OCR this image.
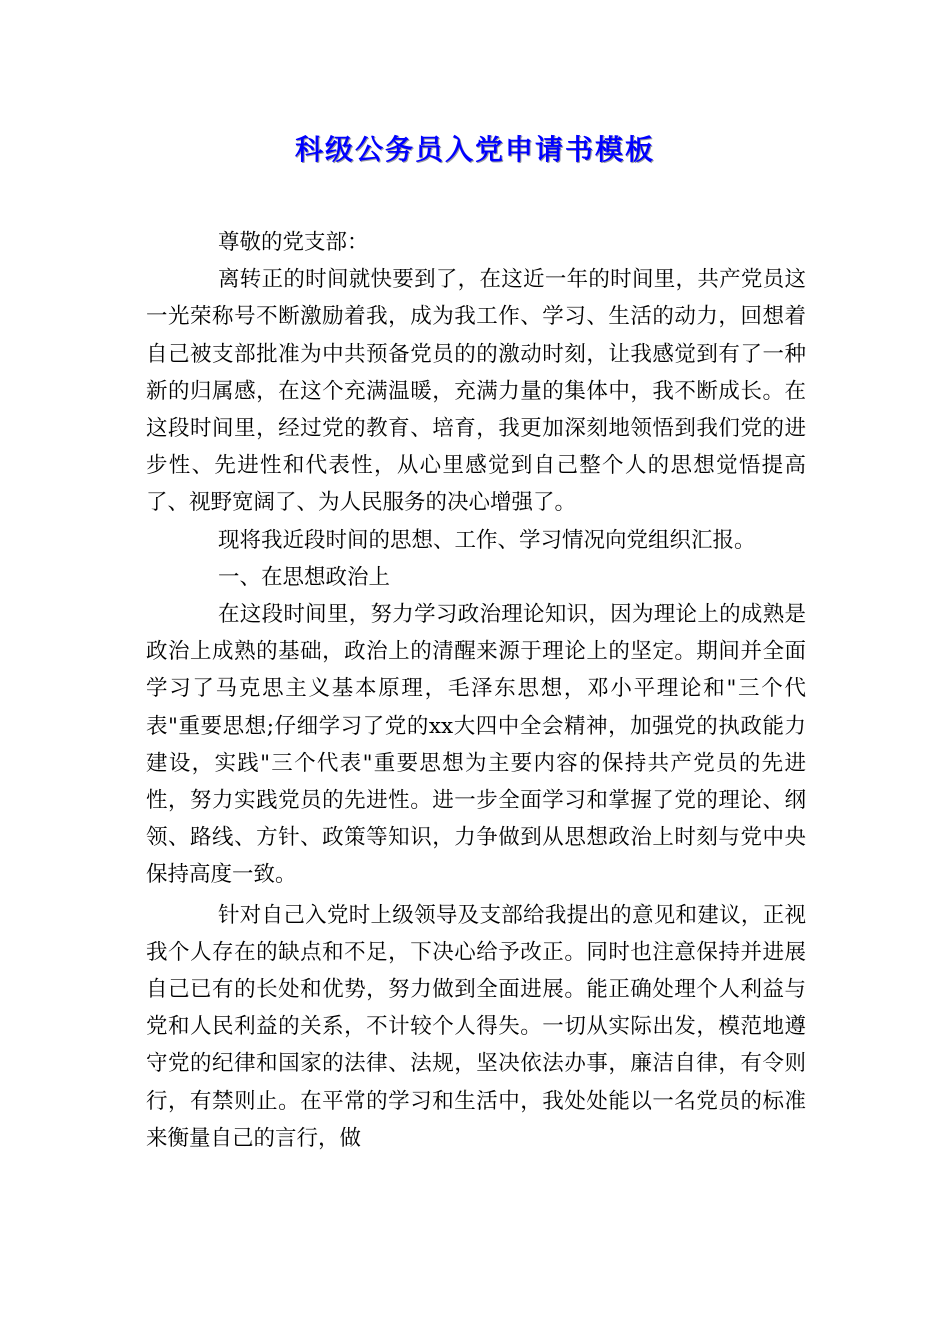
科级公务员入党申请书模板

尊敬的党支部：

离转正的时间就快要到了，在这近一年的时间里，共产党员这一光荣称号不断激励着我，成为我工作、学习、生活的动力，回想着自己被支部批准为中共预备党员的的激动时刻，让我感觉到有了一种新的归属感，在这个充满温暖，充满力量的集体中，我不断成长。在这段时间里，经过党的教育、培育，我更加深刻地领悟到我们党的进步性、先进性和代表性，从心里感觉到自己整个人的思想觉悟提高了、视野宽阔了、为人民服务的决心增强了。

现将我近段时间的思想、工作、学习情况向党组织汇报。

一、在思想政治上

在这段时间里，努力学习政治理论知识，因为理论上的成熟是政治上成熟的基础，政治上的清醒来源于理论上的坚定。期间并全面学习了马克思主义基本原理，毛泽东思想，邓小平理论和"三个代表"重要思想;仔细学习了党的xx大四中全会精神，加强党的执政能力建设，实践"三个代表"重要思想为主要内容的保持共产党员的先进性，努力实践党员的先进性。进一步全面学习和掌握了党的理论、纲领、路线、方针、政策等知识，力争做到从思想政治上时刻与党中央保持高度一致。

针对自己入党时上级领导及支部给我提出的意见和建议，正视我个人存在的缺点和不足，下决心给予改正。同时也注意保持并进展自己已有的长处和优势，努力做到全面进展。能正确处理个人利益与党和人民利益的关系，不计较个人得失。一切从实际出发，模范地遵守党的纪律和国家的法律、法规，坚决依法办事，廉洁自律，有令则行，有禁则止。在平常的学习和生活中，我处处能以一名党员的标准来衡量自己的言行，做
